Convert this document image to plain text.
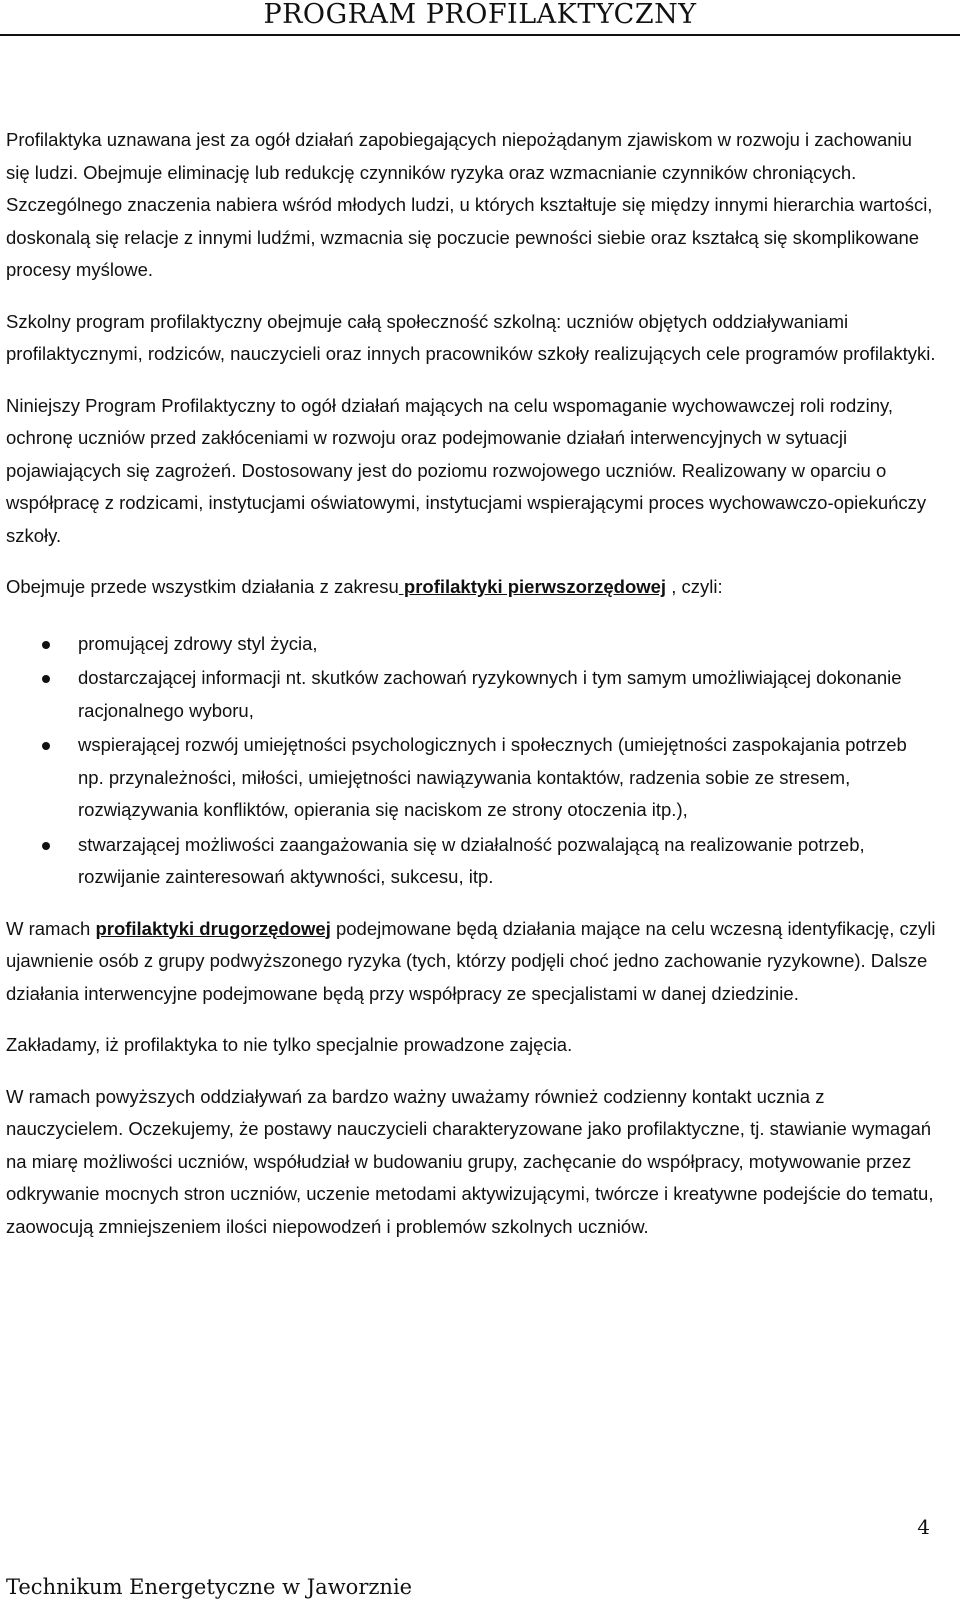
PROGRAM PROFILAKTYCZNY

Profilaktyka uznawana jest za ogół działań zapobiegających niepożądanym zjawiskom w rozwoju i zachowaniu się ludzi. Obejmuje eliminację lub redukcję czynników ryzyka oraz wzmacnianie czynników chroniących. Szczególnego znaczenia nabiera wśród młodych ludzi, u których kształtuje się między innymi hierarchia wartości, doskonalą się relacje z innymi ludźmi, wzmacnia się poczucie pewności siebie oraz kształcą się skomplikowane procesy myślowe.

Szkolny program profilaktyczny obejmuje całą społeczność szkolną: uczniów objętych oddziaływaniami profilaktycznymi, rodziców, nauczycieli oraz innych pracowników szkoły realizujących cele programów profilaktyki.

Niniejszy Program Profilaktyczny to ogół działań mających na celu wspomaganie wychowawczej roli rodziny, ochronę uczniów przed zakłóceniami w rozwoju oraz podejmowanie działań interwencyjnych w sytuacji pojawiających się zagrożeń. Dostosowany jest do poziomu rozwojowego uczniów. Realizowany w oparciu o współpracę z rodzicami, instytucjami oświatowymi, instytucjami wspierającymi proces wychowawczo-opiekuńczy szkoły.

Obejmuje przede wszystkim działania z zakresu profilaktyki pierwszorzędowej , czyli:

promującej zdrowy styl życia,
dostarczającej informacji nt. skutków zachowań ryzykownych i tym samym umożliwiającej dokonanie racjonalnego wyboru,
wspierającej rozwój umiejętności psychologicznych i społecznych (umiejętności zaspokajania potrzeb np. przynależności, miłości, umiejętności nawiązywania kontaktów, radzenia sobie ze stresem, rozwiązywania konfliktów, opierania się naciskom ze strony otoczenia itp.),
stwarzającej możliwości zaangażowania się w działalność pozwalającą na realizowanie potrzeb, rozwijanie zainteresowań aktywności, sukcesu, itp.

W ramach profilaktyki drugorzędowej podejmowane będą działania mające na celu wczesną identyfikację, czyli ujawnienie osób z grupy podwyższonego ryzyka (tych, którzy podjęli choć jedno zachowanie ryzykowne). Dalsze działania interwencyjne podejmowane będą przy współpracy ze specjalistami w danej dziedzinie.

Zakładamy, iż profilaktyka to nie tylko specjalnie prowadzone zajęcia.

W ramach powyższych oddziaływań za bardzo ważny uważamy również codzienny kontakt ucznia z nauczycielem. Oczekujemy, że postawy nauczycieli charakteryzowane jako profilaktyczne, tj. stawianie wymagań na miarę możliwości uczniów, współudział w budowaniu grupy, zachęcanie do współpracy, motywowanie przez odkrywanie mocnych stron uczniów, uczenie metodami aktywizującymi, twórcze i kreatywne podejście do tematu, zaowocują zmniejszeniem ilości niepowodzeń i problemów szkolnych uczniów.

4
Technikum Energetyczne w Jaworznie
